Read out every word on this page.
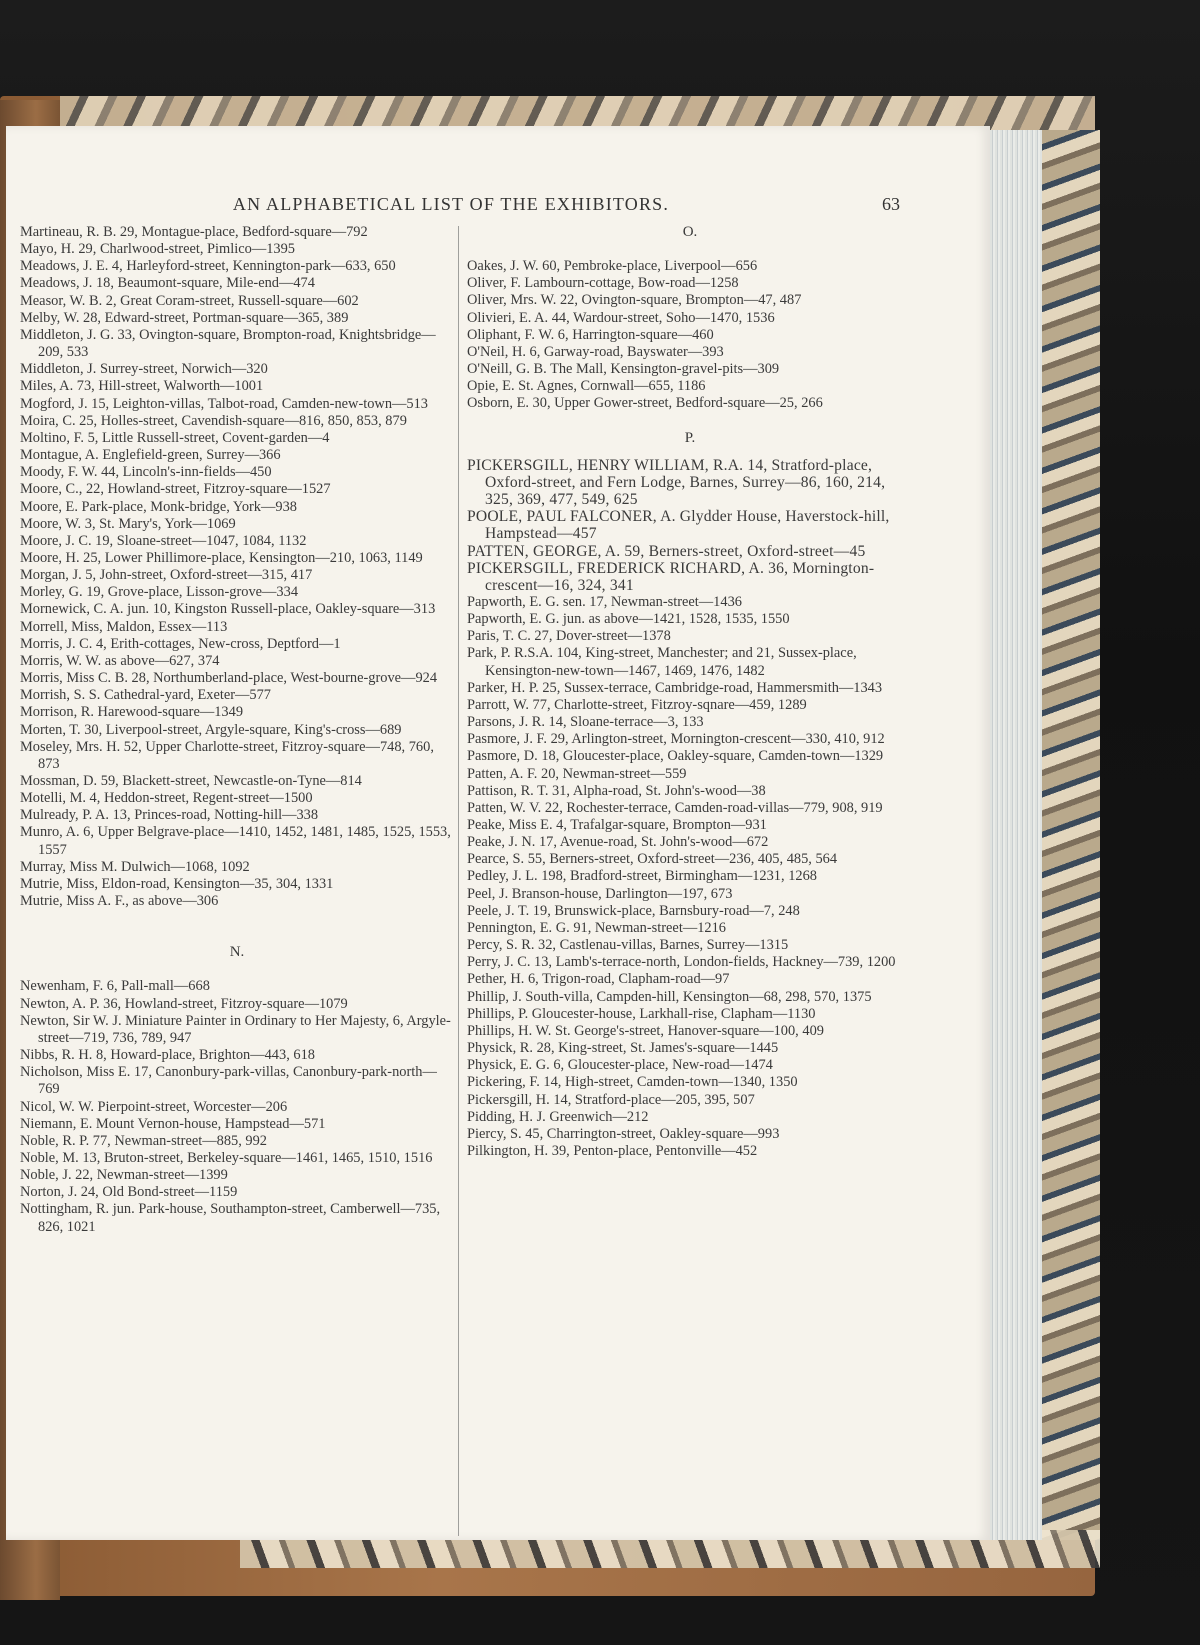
AN ALPHABETICAL LIST OF THE EXHIBITORS.	63
Martineau, R. B. 29, Montague-place, Bedford-square—792
Mayo, H. 29, Charlwood-street, Pimlico—1395
Meadows, J. E. 4, Harleyford-street, Kennington-park—633, 650
Meadows, J. 18, Beaumont-square, Mile-end—474
Measor, W. B. 2, Great Coram-street, Russell-square—602
Melby, W. 28, Edward-street, Portman-square—365, 389
Middleton, J. G. 33, Ovington-square, Brompton-road, Knightsbridge—209, 533
Middleton, J. Surrey-street, Norwich—320
Miles, A. 73, Hill-street, Walworth—1001
Mogford, J. 15, Leighton-villas, Talbot-road, Camden-new-town—513
Moira, C. 25, Holles-street, Cavendish-square—816, 850, 853, 879
Moltino, F. 5, Little Russell-street, Covent-garden—4
Montague, A. Englefield-green, Surrey—366
Moody, F. W. 44, Lincoln's-inn-fields—450
Moore, C., 22, Howland-street, Fitzroy-square—1527
Moore, E. Park-place, Monk-bridge, York—938
Moore, W. 3, St. Mary's, York—1069
Moore, J. C. 19, Sloane-street—1047, 1084, 1132
Moore, H. 25, Lower Phillimore-place, Kensington—210, 1063, 1149
Morgan, J. 5, John-street, Oxford-street—315, 417
Morley, G. 19, Grove-place, Lisson-grove—334
Mornewick, C. A. jun. 10, Kingston Russell-place, Oakley-square—313
Morrell, Miss, Maldon, Essex—113
Morris, J. C. 4, Erith-cottages, New-cross, Deptford—1
Morris, W. W. as above—627, 374
Morris, Miss C. B. 28, Northumberland-place, West-bourne-grove—924
Morrish, S. S. Cathedral-yard, Exeter—577
Morrison, R. Harewood-square—1349
Morten, T. 30, Liverpool-street, Argyle-square, King's-cross—689
Moseley, Mrs. H. 52, Upper Charlotte-street, Fitzroy-square—748, 760, 873
Mossman, D. 59, Blackett-street, Newcastle-on-Tyne—814
Motelli, M. 4, Heddon-street, Regent-street—1500
Mulready, P. A. 13, Princes-road, Notting-hill—338
Munro, A. 6, Upper Belgrave-place—1410, 1452, 1481, 1485, 1525, 1553, 1557
Murray, Miss M. Dulwich—1068, 1092
Mutrie, Miss, Eldon-road, Kensington—35, 304, 1331
Mutrie, Miss A. F., as above—306
N.
Newenham, F. 6, Pall-mall—668
Newton, A. P. 36, Howland-street, Fitzroy-square—1079
Newton, Sir W. J. Miniature Painter in Ordinary to Her Majesty, 6, Argyle-street—719, 736, 789, 947
Nibbs, R. H. 8, Howard-place, Brighton—443, 618
Nicholson, Miss E. 17, Canonbury-park-villas, Canonbury-park-north—769
Nicol, W. W. Pierpoint-street, Worcester—206
Niemann, E. Mount Vernon-house, Hampstead—571
Noble, R. P. 77, Newman-street—885, 992
Noble, M. 13, Bruton-street, Berkeley-square—1461, 1465, 1510, 1516
Noble, J. 22, Newman-street—1399
Norton, J. 24, Old Bond-street—1159
Nottingham, R. jun. Park-house, Southampton-street, Camberwell—735, 826, 1021
O.
Oakes, J. W. 60, Pembroke-place, Liverpool—656
Oliver, F. Lambourn-cottage, Bow-road—1258
Oliver, Mrs. W. 22, Ovington-square, Brompton—47, 487
Olivieri, E. A. 44, Wardour-street, Soho—1470, 1536
Oliphant, F. W. 6, Harrington-square—460
O'Neil, H. 6, Garway-road, Bayswater—393
O'Neill, G. B. The Mall, Kensington-gravel-pits—309
Opie, E. St. Agnes, Cornwall—655, 1186
Osborn, E. 30, Upper Gower-street, Bedford-square—25, 266
P.
PICKERSGILL, HENRY WILLIAM, R.A. 14, Stratford-place, Oxford-street, and Fern Lodge, Barnes, Surrey—86, 160, 214, 325, 369, 477, 549, 625
POOLE, PAUL FALCONER, A. Glydder House, Haverstock-hill, Hampstead—457
PATTEN, GEORGE, A. 59, Berners-street, Oxford-street—45
PICKERSGILL, FREDERICK RICHARD, A. 36, Mornington-crescent—16, 324, 341
Papworth, E. G. sen. 17, Newman-street—1436
Papworth, E. G. jun. as above—1421, 1528, 1535, 1550
Paris, T. C. 27, Dover-street—1378
Park, P. R.S.A. 104, King-street, Manchester; and 21, Sussex-place, Kensington-new-town—1467, 1469, 1476, 1482
Parker, H. P. 25, Sussex-terrace, Cambridge-road, Hammersmith—1343
Parrott, W. 77, Charlotte-street, Fitzroy-sqnare—459, 1289
Parsons, J. R. 14, Sloane-terrace—3, 133
Pasmore, J. F. 29, Arlington-street, Mornington-crescent—330, 410, 912
Pasmore, D. 18, Gloucester-place, Oakley-square, Camden-town—1329
Patten, A. F. 20, Newman-street—559
Pattison, R. T. 31, Alpha-road, St. John's-wood—38
Patten, W. V. 22, Rochester-terrace, Camden-road-villas—779, 908, 919
Peake, Miss E. 4, Trafalgar-square, Brompton—931
Peake, J. N. 17, Avenue-road, St. John's-wood—672
Pearce, S. 55, Berners-street, Oxford-street—236, 405, 485, 564
Pedley, J. L. 198, Bradford-street, Birmingham—1231, 1268
Peel, J. Branson-house, Darlington—197, 673
Peele, J. T. 19, Brunswick-place, Barnsbury-road—7, 248
Pennington, E. G. 91, Newman-street—1216
Percy, S. R. 32, Castlenau-villas, Barnes, Surrey—1315
Perry, J. C. 13, Lamb's-terrace-north, London-fields, Hackney—739, 1200
Pether, H. 6, Trigon-road, Clapham-road—97
Phillip, J. South-villa, Campden-hill, Kensington—68, 298, 570, 1375
Phillips, P. Gloucester-house, Larkhall-rise, Clapham—1130
Phillips, H. W. St. George's-street, Hanover-square—100, 409
Physick, R. 28, King-street, St. James's-square—1445
Physick, E. G. 6, Gloucester-place, New-road—1474
Pickering, F. 14, High-street, Camden-town—1340, 1350
Pickersgill, H. 14, Stratford-place—205, 395, 507
Pidding, H. J. Greenwich—212
Piercy, S. 45, Charrington-street, Oakley-square—993
Pilkington, H. 39, Penton-place, Pentonville—452
